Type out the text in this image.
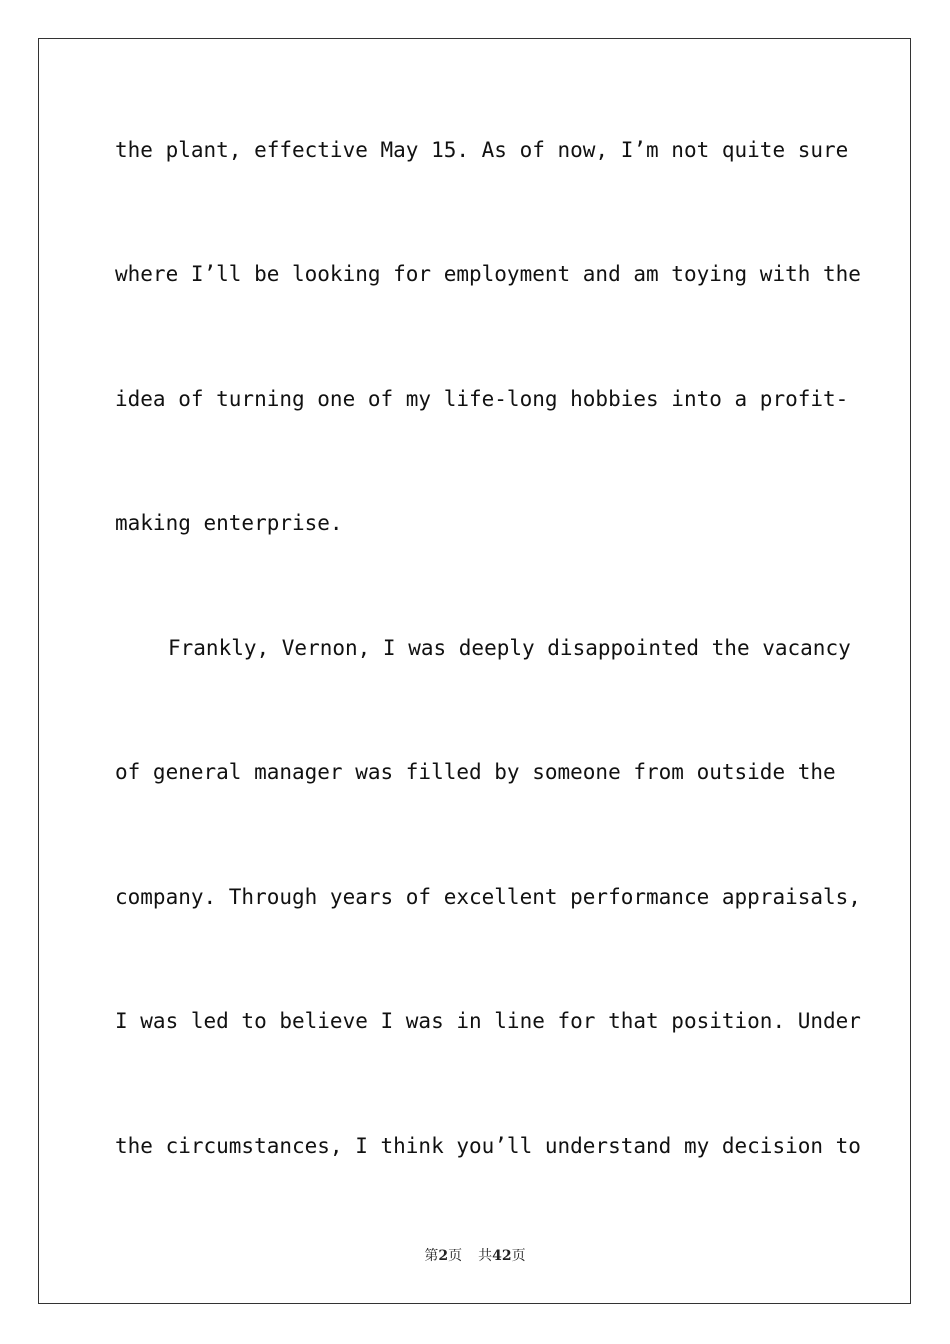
the plant, effective May 15. As of now, I’m not quite sure
where I’ll be looking for employment and am toying with the
idea of turning one of my life-long hobbies into a profit-
making enterprise.
Frankly, Vernon, I was deeply disappointed the vacancy
of general manager was filled by someone from outside the
company. Through years of excellent performance appraisals,
I was led to believe I was in line for that position. Under
the circumstances, I think you’ll understand my decision to
第2页 共42页
